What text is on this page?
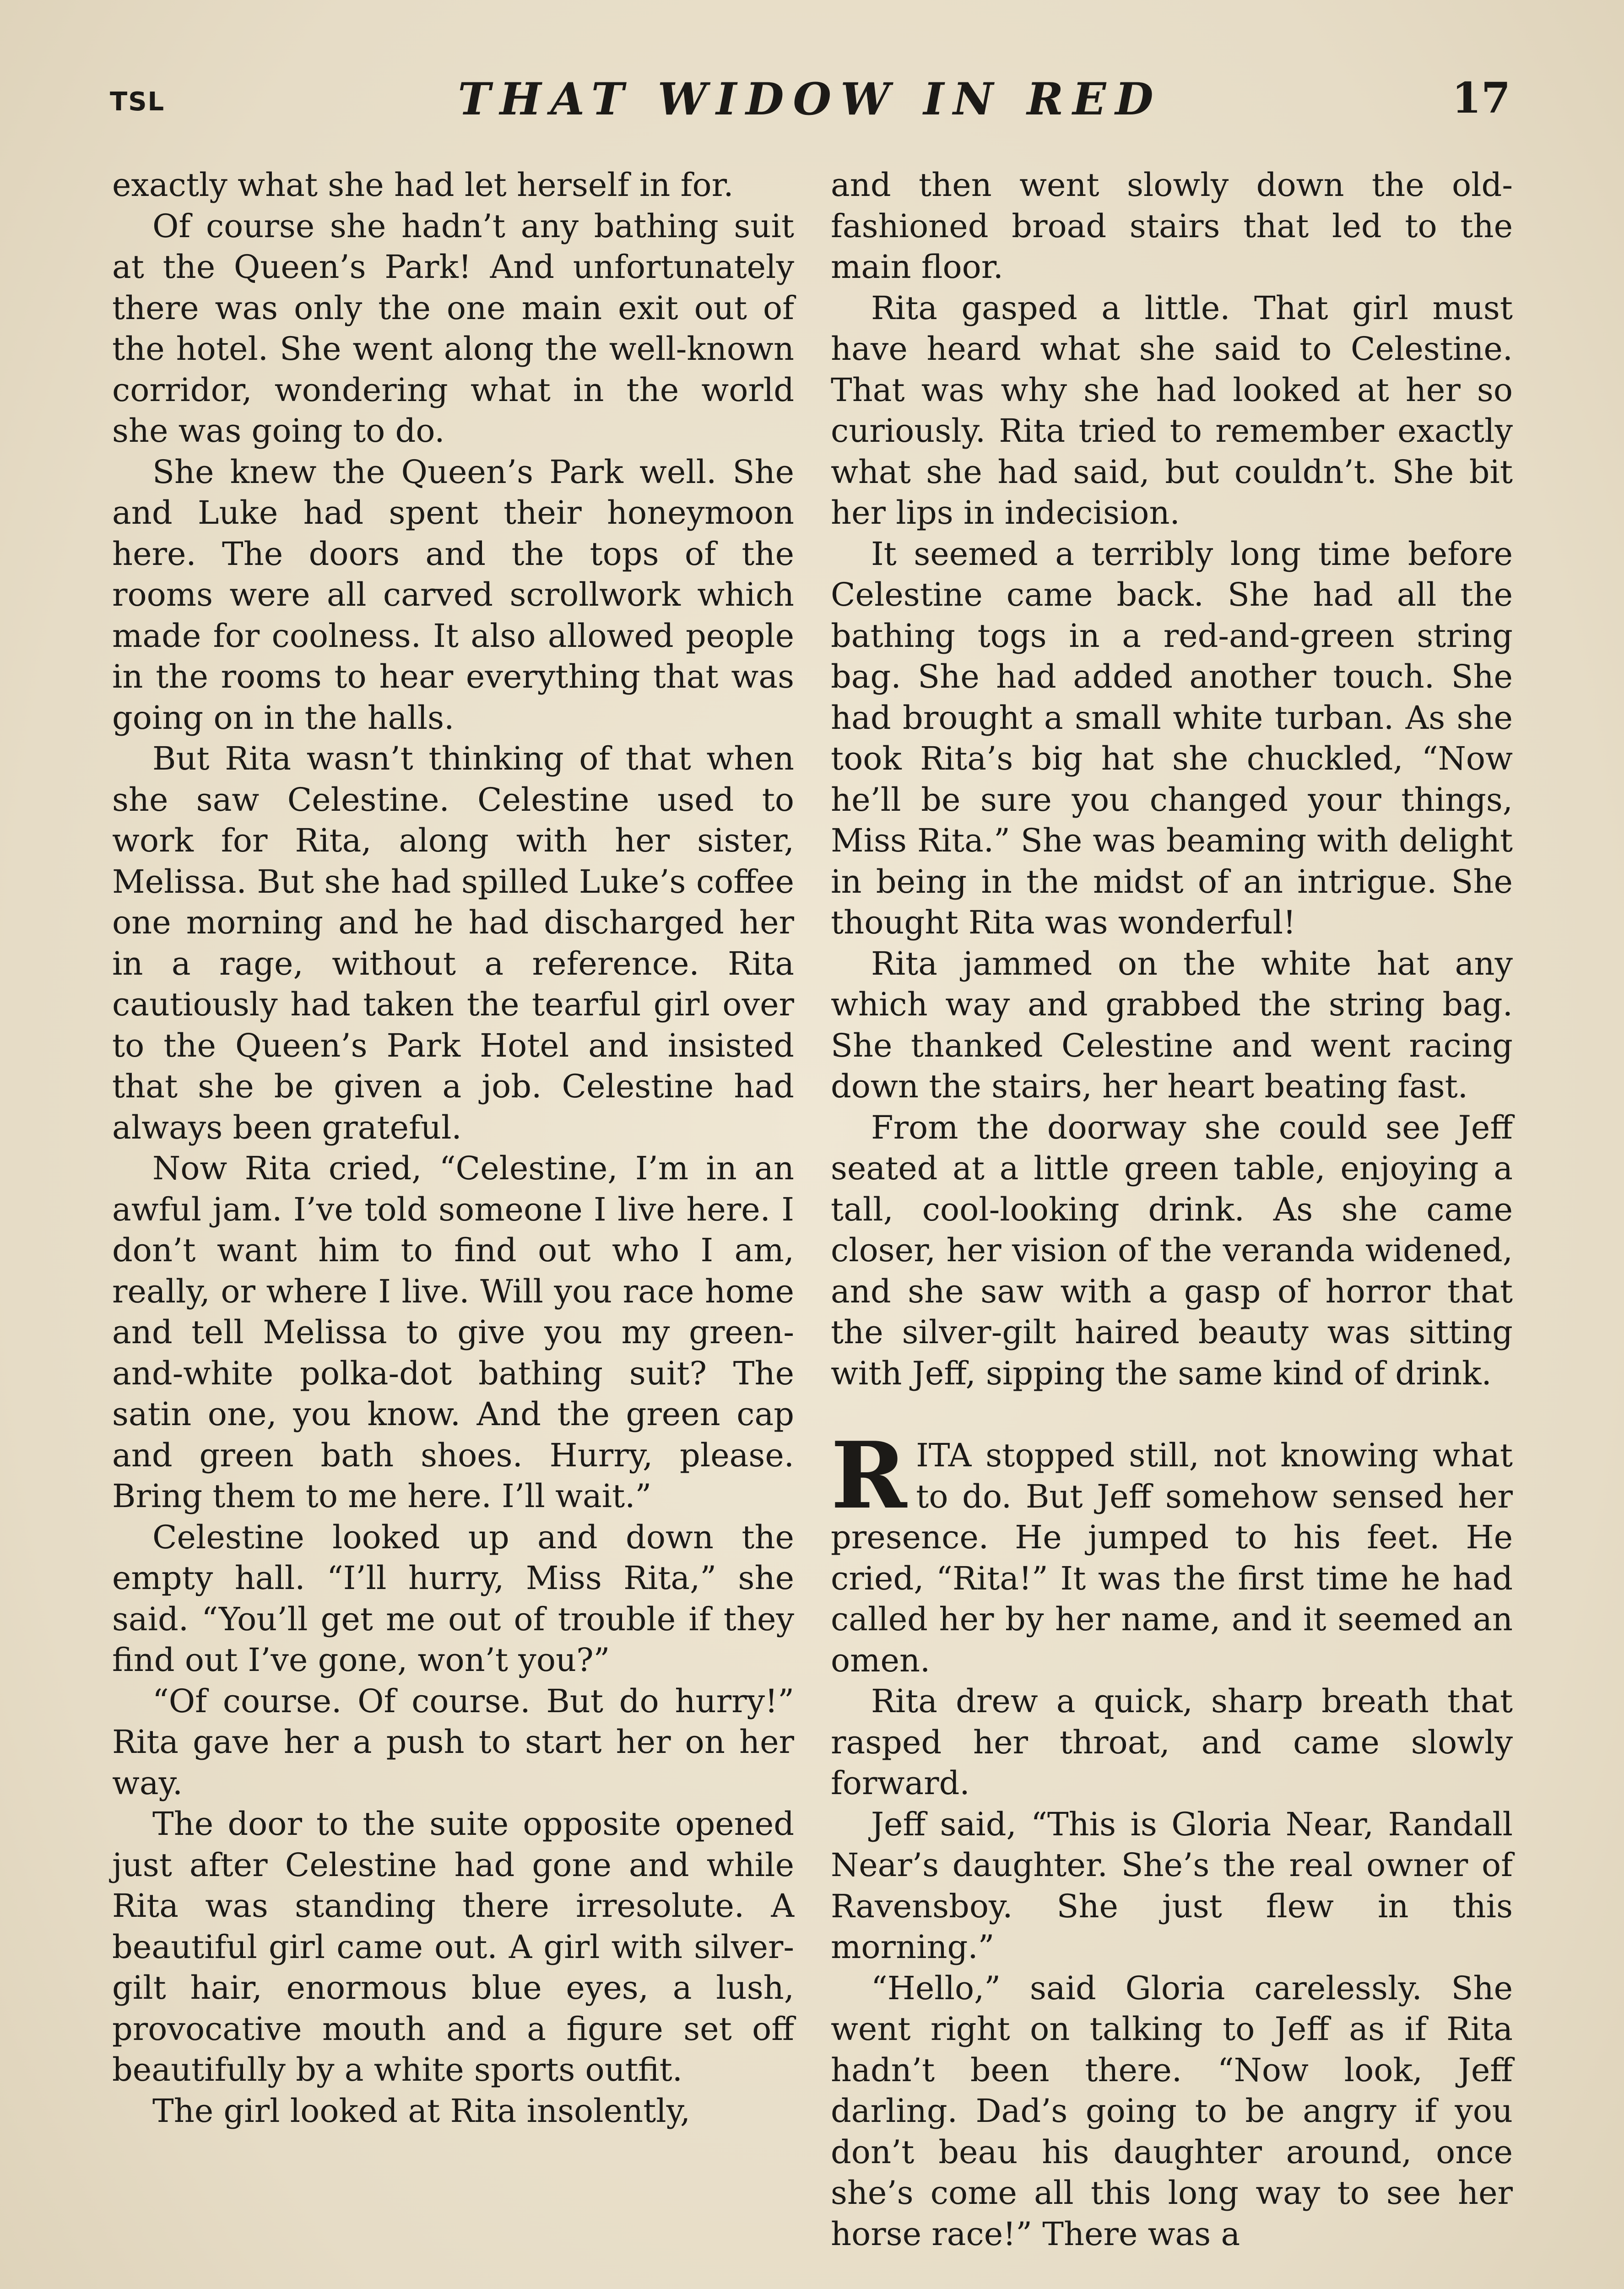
TSL	THAT WIDOW IN RED	17

exactly what she had let herself in for.

Of course she hadn’t any bathing suit at the Queen’s Park! And unfortunately there was only the one main exit out of the hotel. She went along the well-known corridor, wondering what in the world she was going to do.

She knew the Queen’s Park well. She and Luke had spent their honeymoon here. The doors and the tops of the rooms were all carved scrollwork which made for coolness. It also allowed people in the rooms to hear everything that was going on in the halls.

But Rita wasn’t thinking of that when she saw Celestine. Celestine used to work for Rita, along with her sister, Melissa. But she had spilled Luke’s coffee one morning and he had discharged her in a rage, without a reference. Rita cautiously had taken the tearful girl over to the Queen’s Park Hotel and insisted that she be given a job. Celestine had always been grateful.

Now Rita cried, “Celestine, I’m in an awful jam. I’ve told someone I live here. I don’t want him to find out who I am, really, or where I live. Will you race home and tell Melissa to give you my green-and-white polka-dot bathing suit? The satin one, you know. And the green cap and green bath shoes. Hurry, please. Bring them to me here. I’ll wait.”

Celestine looked up and down the empty hall. “I’ll hurry, Miss Rita,” she said. “You’ll get me out of trouble if they find out I’ve gone, won’t you?”

“Of course. Of course. But do hurry!” Rita gave her a push to start her on her way.

The door to the suite opposite opened just after Celestine had gone and while Rita was standing there irresolute. A beautiful girl came out. A girl with silver-gilt hair, enormous blue eyes, a lush, provocative mouth and a figure set off beautifully by a white sports outfit.

The girl looked at Rita insolently,

and then went slowly down the old-fashioned broad stairs that led to the main floor.

Rita gasped a little. That girl must have heard what she said to Celestine. That was why she had looked at her so curiously. Rita tried to remember exactly what she had said, but couldn’t. She bit her lips in indecision.

It seemed a terribly long time before Celestine came back. She had all the bathing togs in a red-and-green string bag. She had added another touch. She had brought a small white turban. As she took Rita’s big hat she chuckled, “Now he’ll be sure you changed your things, Miss Rita.” She was beaming with delight in being in the midst of an intrigue. She thought Rita was wonderful!

Rita jammed on the white hat any which way and grabbed the string bag. She thanked Celestine and went racing down the stairs, her heart beating fast.

From the doorway she could see Jeff seated at a little green table, enjoying a tall, cool-looking drink. As she came closer, her vision of the veranda widened, and she saw with a gasp of horror that the silver-gilt haired beauty was sitting with Jeff, sipping the same kind of drink.

RITA stopped still, not knowing what to do. But Jeff somehow sensed her presence. He jumped to his feet. He cried, “Rita!” It was the first time he had called her by her name, and it seemed an omen.

Rita drew a quick, sharp breath that rasped her throat, and came slowly forward.

Jeff said, “This is Gloria Near, Randall Near’s daughter. She’s the real owner of Ravensboy. She just flew in this morning.”

“Hello,” said Gloria carelessly. She went right on talking to Jeff as if Rita hadn’t been there. “Now look, Jeff darling. Dad’s going to be angry if you don’t beau his daughter around, once she’s come all this long way to see her horse race!” There was a
